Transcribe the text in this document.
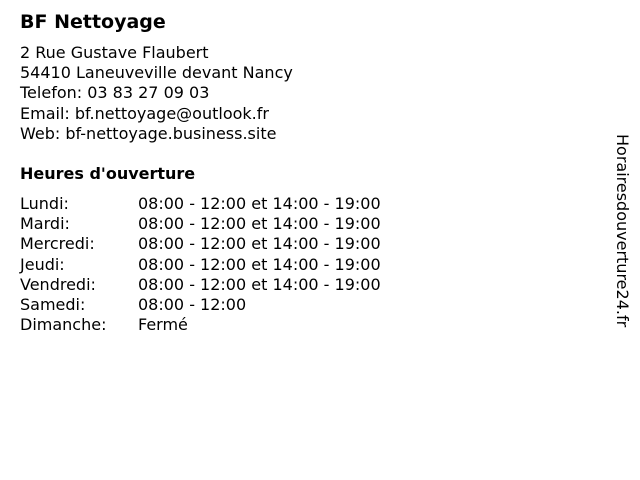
BF Nettoyage
2 Rue Gustave Flaubert
54410 Laneuveville devant Nancy
Telefon: 03 83 27 09 03
Email: bf.nettoyage@outlook.fr
Web: bf-nettoyage.business.site
Heures d'ouverture
Lundi:	08:00 - 12:00 et 14:00 - 19:00
Mardi:	08:00 - 12:00 et 14:00 - 19:00
Mercredi:	08:00 - 12:00 et 14:00 - 19:00
Jeudi:	08:00 - 12:00 et 14:00 - 19:00
Vendredi:	08:00 - 12:00 et 14:00 - 19:00
Samedi:	08:00 - 12:00
Dimanche:	Fermé	Horairesdouverture24.fr
